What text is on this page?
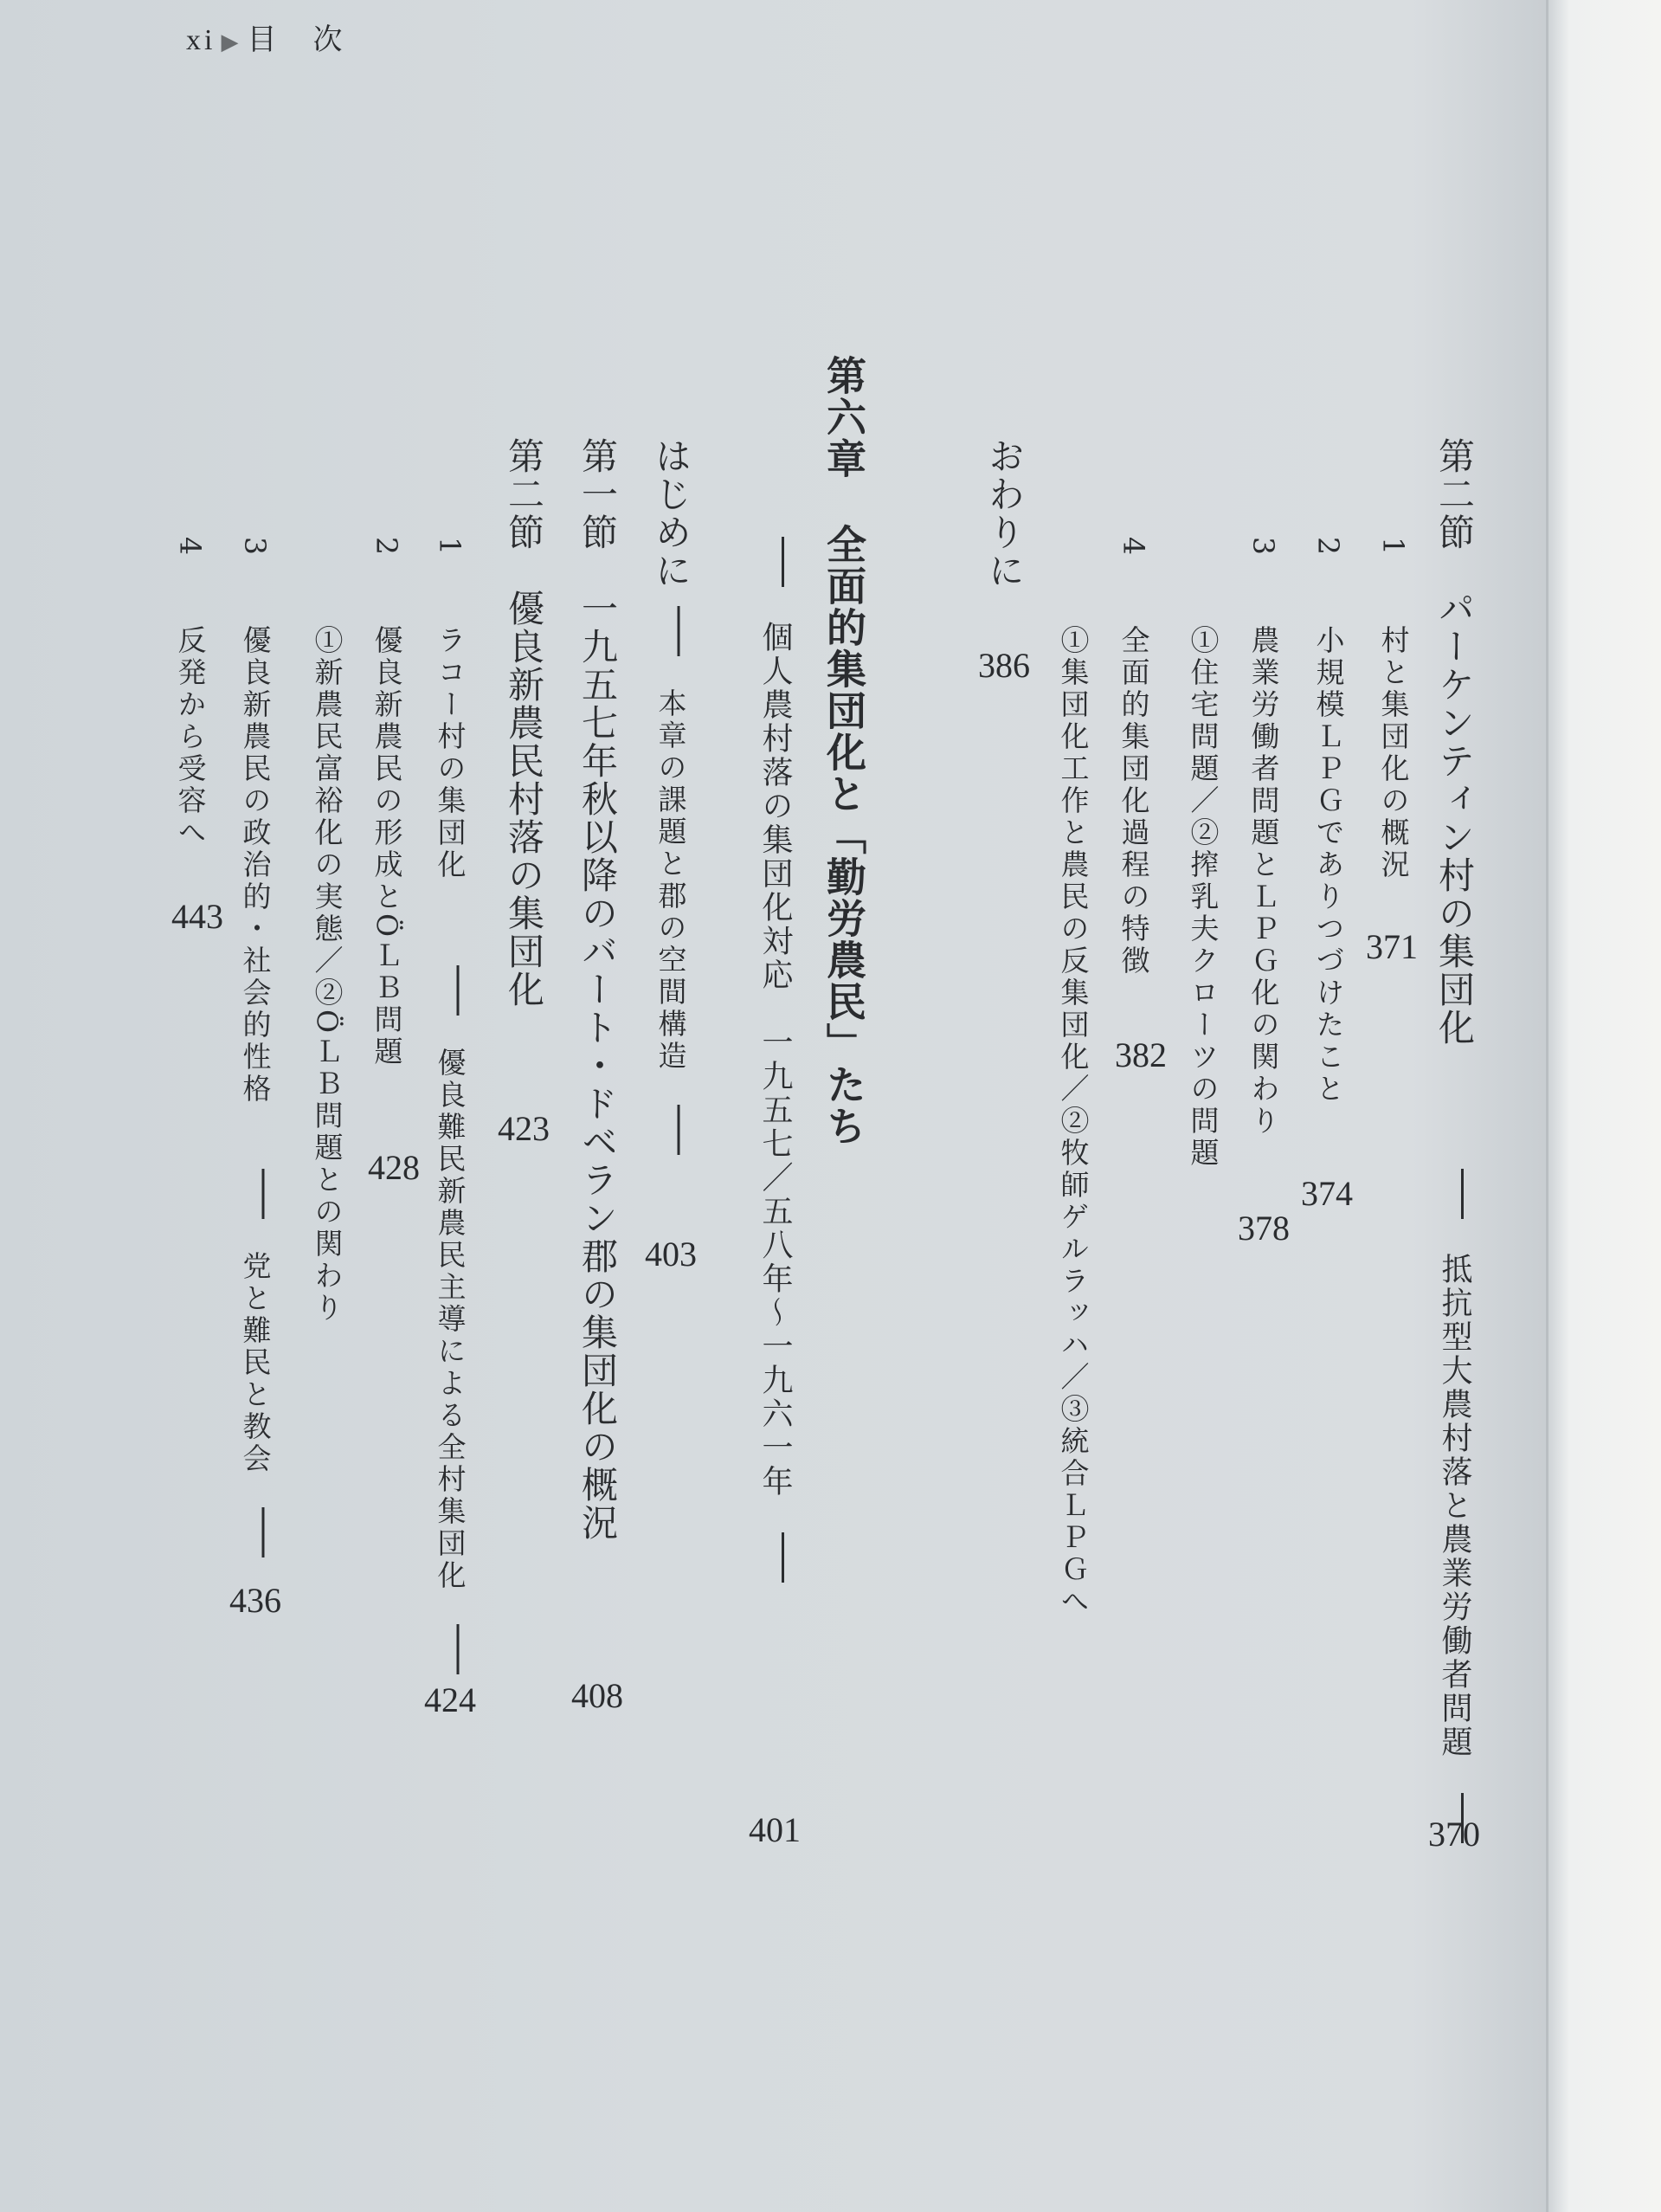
xi ▶ 目　次
第二節　パーケンティン村の集団化
　抵抗型大農村落と農業労働者問題　
370
1
村と集団化の概況
371
2
小規模ＬＰＧでありつづけたこと
374
3
農業労働者問題とＬＰＧ化の関わり
①住宅問題／②搾乳夫クローツの問題
378
4
全面的集団化過程の特徴
382
①集団化工作と農民の反集団化／②牧師ゲルラッハ／③統合ＬＰＧへ
おわりに
386
第六章
全面的集団化と「勤労農民」たち
　個人農村落の集団化対応　一九五七／五八年～一九六一年　
401
はじめに
　本章の課題と郡の空間構造　
403
第一節　一九五七年秋以降のバート・ドベラン郡の集団化の概況
408
第二節　優良新農民村落の集団化
423
1
ラコー村の集団化
　優良難民新農民主導による全村集団化　
424
2
優良新農民の形成とÖＬＢ問題
428
①新農民富裕化の実態／②ÖＬＢ問題との関わり
3
優良新農民の政治的・社会的性格
　党と難民と教会　
436
4
反発から受容へ
443
